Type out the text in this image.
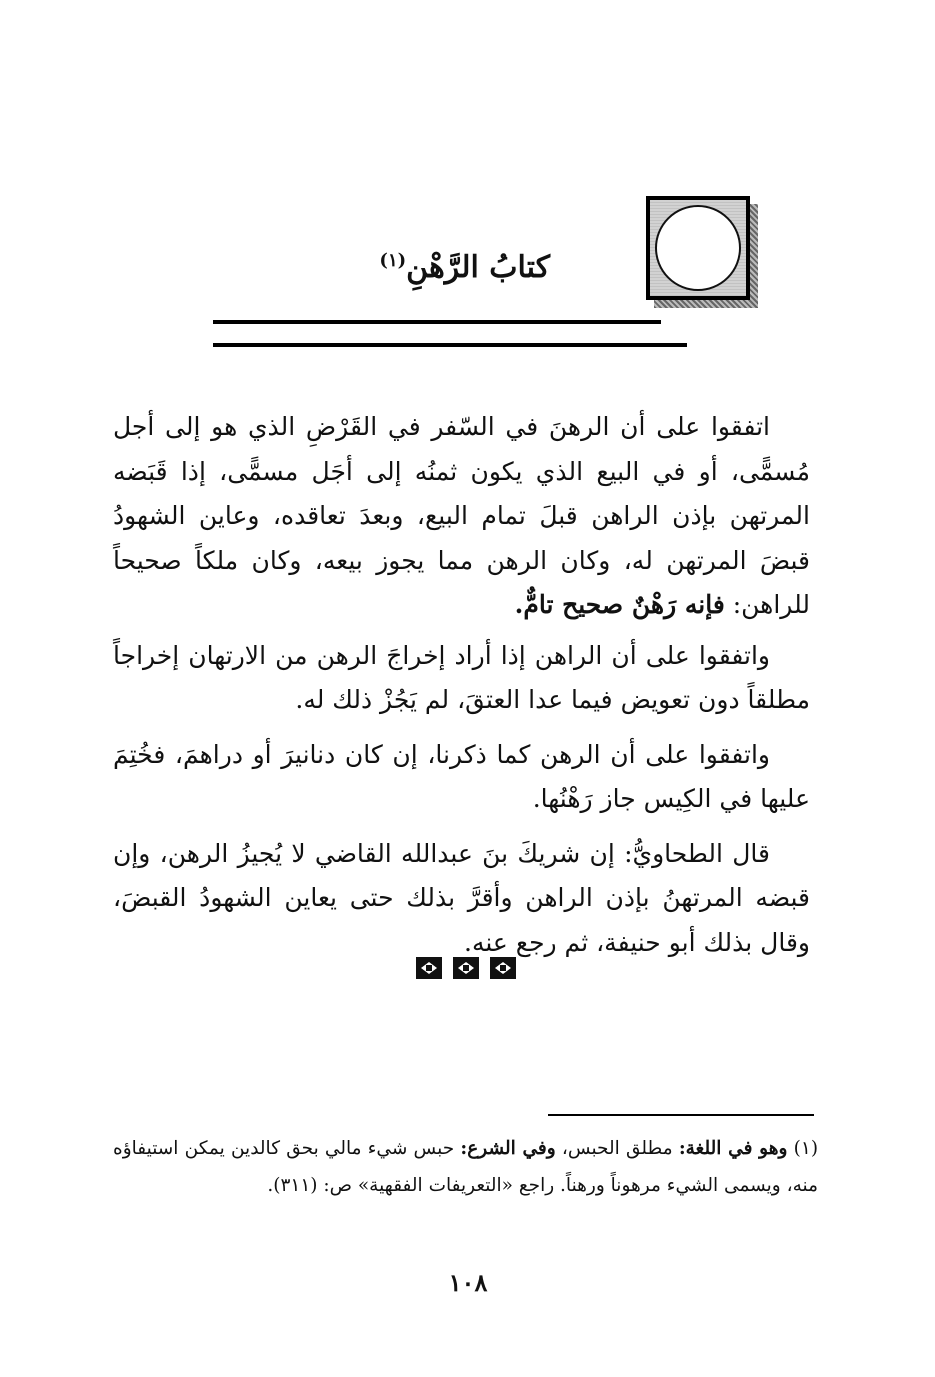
كتابُ الرَّهْنِ$^{(١)}$

اتفقوا على أن الرهنَ في السّفر في القَرْضِ الذي هو إلى أجل مُسمًّى، أو في البيع الذي يكون ثمنُه إلى أجَل مسمًّى، إذا قَبَضه المرتهن بإذن الراهن قبلَ تمام البيع، وبعدَ تعاقده، وعاين الشهودُ قبضَ المرتهن له، وكان الرهن مما يجوز بيعه، وكان ملكاً صحيحاً للراهن: فإنه رَهْنٌ صحيح تامٌّ.

واتفقوا على أن الراهن إذا أراد إخراجَ الرهن من الارتهان إخراجاً مطلقاً دون تعويض فيما عدا العتقَ، لم يَجُزْ ذلك له.

واتفقوا على أن الرهن كما ذكرنا، إن كان دنانيرَ أو دراهمَ، فخُتِمَ عليها في الكِيس جاز رَهْنُها.

قال الطحاويُّ: إن شريكَ بنَ عبدالله القاضي لا يُجيزُ الرهن، وإن قبضه المرتهنُ بإذن الراهن وأقرَّ بذلك حتى يعاين الشهودُ القبضَ، وقال بذلك أبو حنيفة، ثم رجع عنه.

(١) وهو في اللغة: مطلق الحبس، وفي الشرع: حبس شيء مالي بحق كالدين يمكن استيفاؤه منه، ويسمى الشيء مرهوناً ورهناً. راجع «التعريفات الفقهية» ص: (٣١١).
١٠٨
